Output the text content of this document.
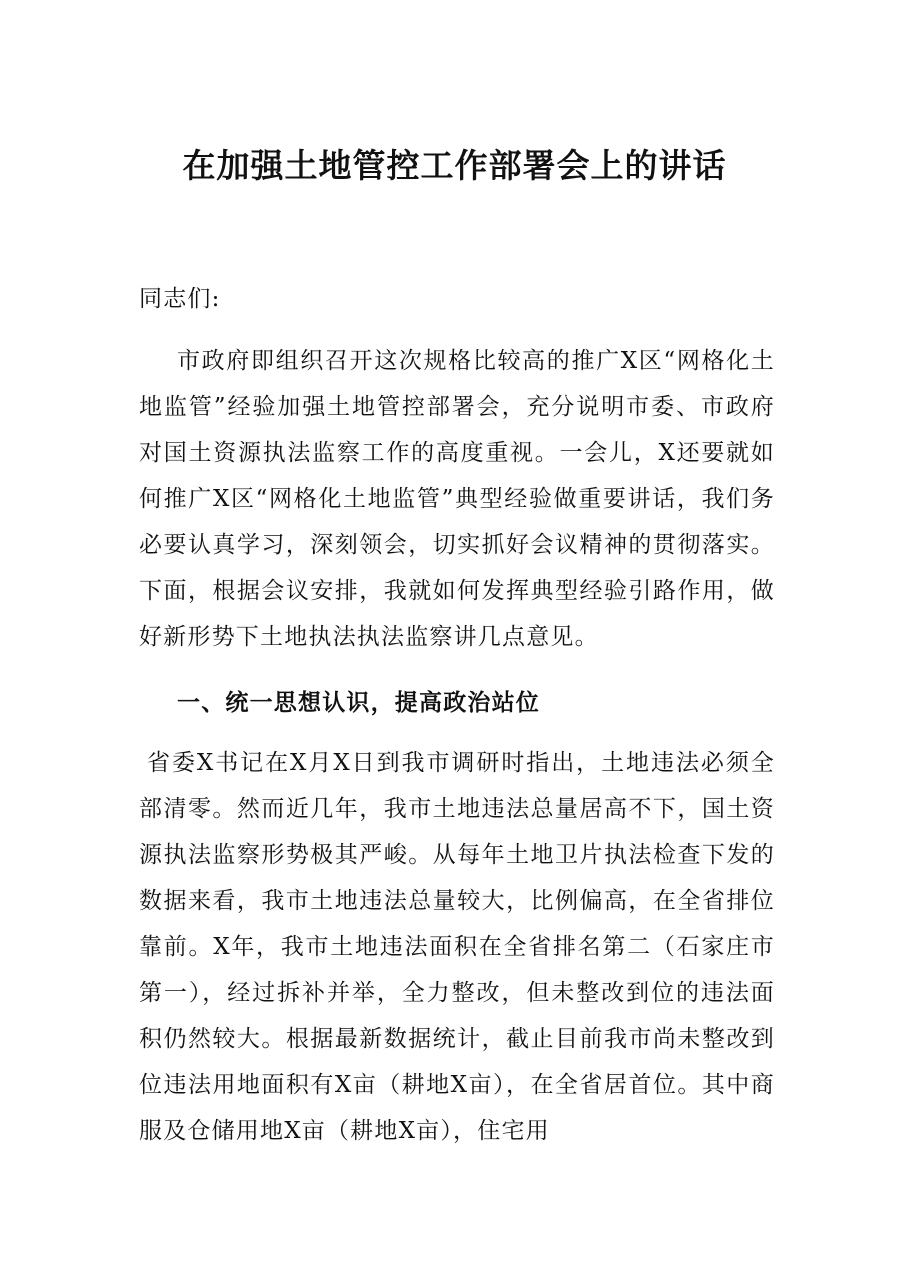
在加强土地管控工作部署会上的讲话

同志们:

市政府即组织召开这次规格比较高的推广X区“网格化土地监管”经验加强土地管控部署会，充分说明市委、市政府对国土资源执法监察工作的高度重视。一会儿，X还要就如何推广X区“网格化土地监管”典型经验做重要讲话，我们务必要认真学习，深刻领会，切实抓好会议精神的贯彻落实。下面，根据会议安排，我就如何发挥典型经验引路作用，做好新形势下土地执法执法监察讲几点意见。

一、统一思想认识，提高政治站位

省委X书记在X月X日到我市调研时指出，土地违法必须全部清零。然而近几年，我市土地违法总量居高不下，国土资源执法监察形势极其严峻。从每年土地卫片执法检查下发的数据来看，我市土地违法总量较大，比例偏高，在全省排位靠前。X年，我市土地违法面积在全省排名第二（石家庄市第一），经过拆补并举，全力整改，但未整改到位的违法面积仍然较大。根据最新数据统计，截止目前我市尚未整改到位违法用地面积有X亩（耕地X亩），在全省居首位。其中商服及仓储用地X亩（耕地X亩），住宅用
